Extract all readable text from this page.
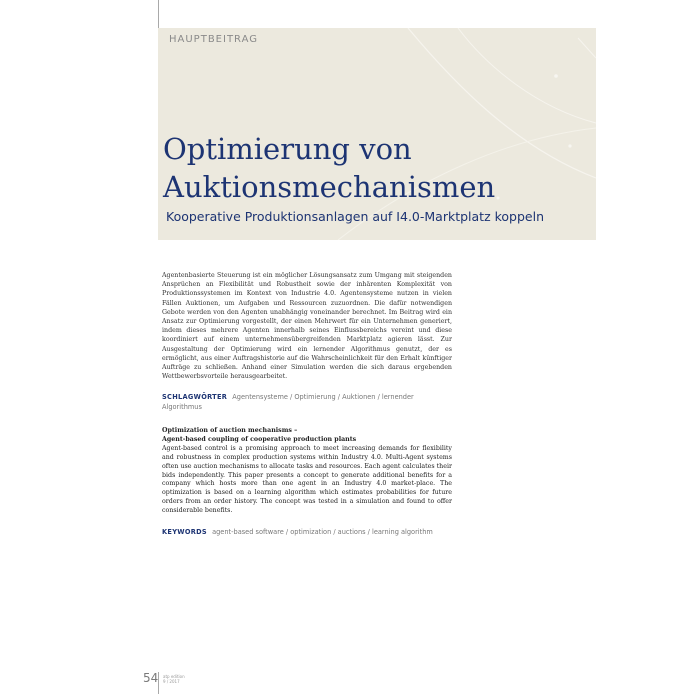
HAUPTBEITRAG
Optimierung von
Auktionsmechanismen

Kooperative Produktionsanlagen auf I4.0-Marktplatz koppeln

Agentenbasierte Steuerung ist ein möglicher Lösungsansatz zum Umgang mit steigenden Ansprüchen an Flexibilität und Robustheit sowie der inhärenten Komplexität von Produktionssystemen im Kontext von Industrie 4.0. Agentensysteme nutzen in vielen Fällen Auktionen, um Aufgaben und Ressourcen zuzuordnen. Die dafür notwendigen Gebote werden von den Agenten unabhängig voneinander berechnet. Im Beitrag wird ein Ansatz zur Optimierung vorgestellt, der einen Mehrwert für ein Unternehmen generiert, indem dieses mehrere Agenten innerhalb seines Einflussbereichs vereint und diese koordiniert auf einem unternehmensübergreifenden Marktplatz agieren lässt. Zur Ausgestaltung der Optimierung wird ein lernender Algorithmus genutzt, der es ermöglicht, aus einer Auftragshistorie auf die Wahrscheinlichkeit für den Erhalt künftiger Aufträge zu schließen. Anhand einer Simulation werden die sich daraus ergebenden Wettbewerbsvorteile herausgearbeitet.

SCHLAGWÖRTER Agentensysteme / Optimierung / Auktionen / lernender Algorithmus
Optimization of auction mechanisms –
Agent-based coupling of cooperative production plants
Agent-based control is a promising approach to meet increasing demands for flexibility and robustness in complex production systems within Industry 4.0. Multi-Agent systems often use auction mechanisms to allocate tasks and resources. Each agent calculates their bids independently. This paper presents a concept to generate additional benefits for a company which hosts more than one agent in an Industry 4.0 market-place. The optimization is based on a learning algorithm which estimates probabilities for future orders from an order history. The concept was tested in a simulation and found to offer considerable benefits.
KEYWORDS agent-based software / optimization / auctions / learning algorithm
54 atp edition
9 / 2017
